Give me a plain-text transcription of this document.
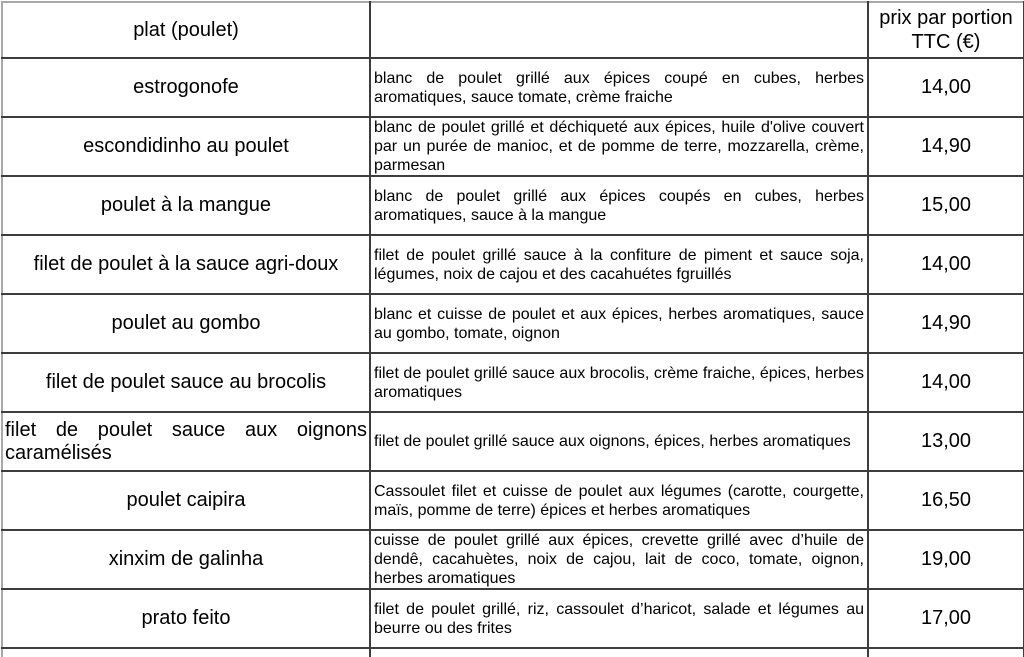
plat (poulet)		prix par portion TTC (€)
estrogonofe	blanc de poulet grillé aux épices coupé en cubes, herbes aromatiques, sauce tomate, crème fraiche	14,00
escondidinho au poulet	blanc de poulet grillé et déchiqueté aux épices, huile d'olive couvert par un purée de manioc, et de pomme de terre, mozzarella, crème, parmesan	14,90
poulet à la mangue	blanc de poulet grillé aux épices coupés en cubes, herbes aromatiques, sauce à la mangue	15,00
filet de poulet à la sauce agri-doux	filet de poulet grillé sauce à la confiture de piment et sauce soja, légumes, noix de cajou et des cacahuétes fgruillés	14,00
poulet au gombo	blanc et cuisse de poulet et aux épices, herbes aromatiques, sauce au gombo, tomate, oignon	14,90
filet de poulet sauce au brocolis	filet de poulet grillé sauce aux brocolis, crème fraiche, épices, herbes aromatiques	14,00
filet de poulet sauce aux oignons caramélisés	filet de poulet grillé sauce aux oignons, épices, herbes aromatiques	13,00
poulet caipira	Cassoulet filet et cuisse de poulet aux légumes (carotte, courgette, maïs, pomme de terre) épices et herbes aromatiques	16,50
xinxim de galinha	cuisse de poulet grillé aux épices, crevette grillé avec d’huile de dendê, cacahuètes, noix de cajou, lait de coco, tomate, oignon, herbes aromatiques	19,00
prato feito	filet de poulet grillé, riz, cassoulet d’haricot, salade et légumes au beurre ou des frites	17,00
